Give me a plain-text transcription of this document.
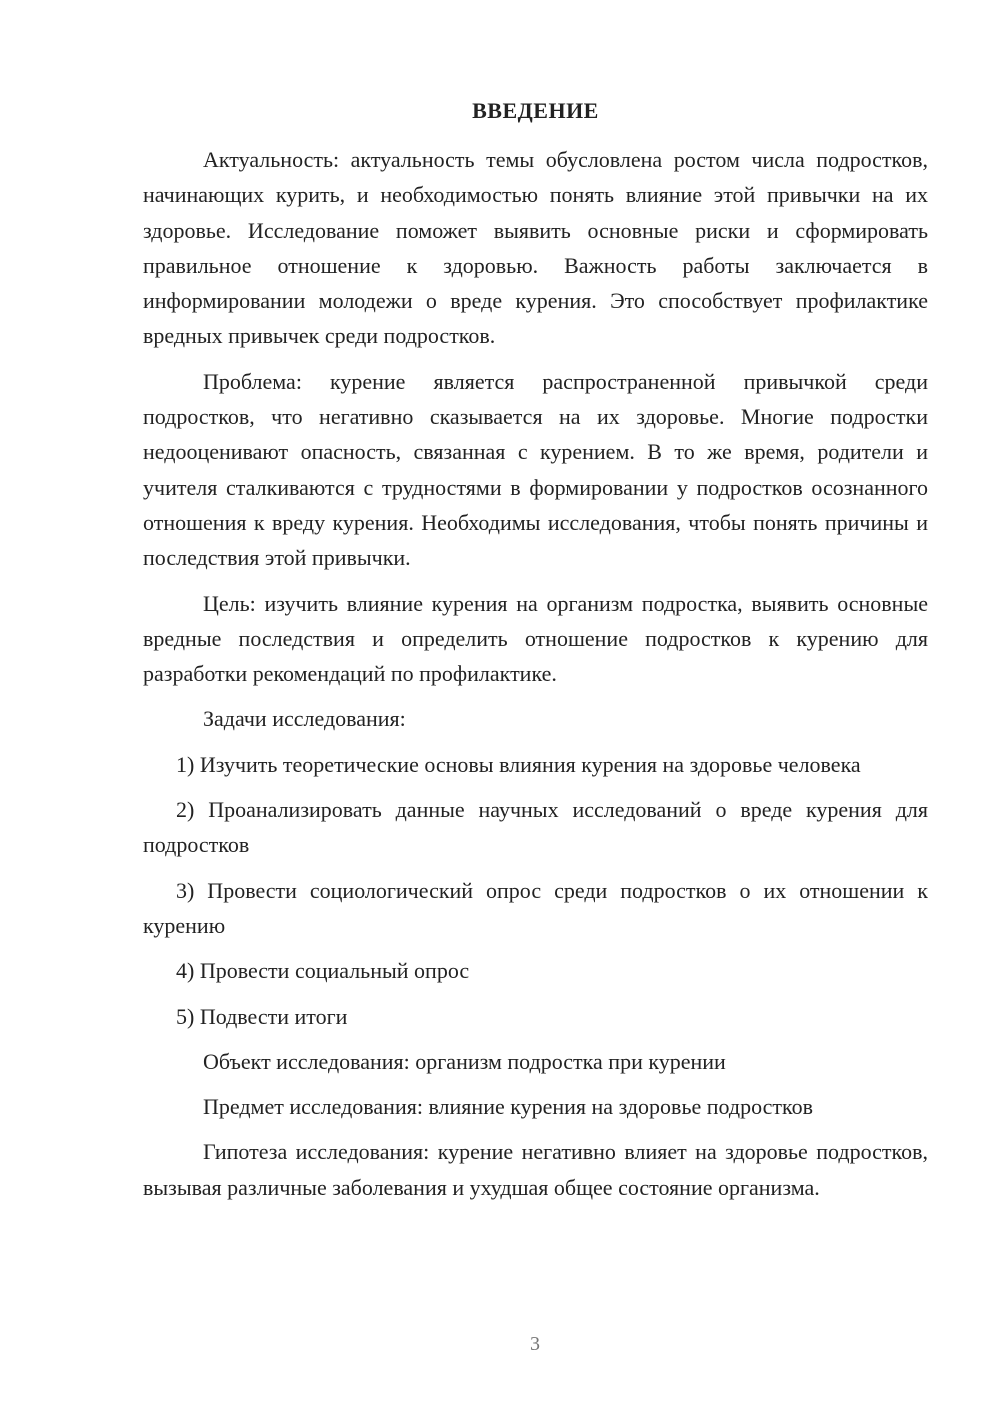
ВВЕДЕНИЕ

Актуальность: актуальность темы обусловлена ростом числа подростков, начинающих курить, и необходимостью понять влияние этой привычки на их здоровье. Исследование поможет выявить основные риски и сформировать правильное отношение к здоровью. Важность работы заключается в информировании молодежи о вреде курения. Это способствует профилактике вредных привычек среди подростков.

Проблема: курение является распространенной привычкой среди подростков, что негативно сказывается на их здоровье. Многие подростки недооценивают опасность, связанная с курением. В то же время, родители и учителя сталкиваются с трудностями в формировании у подростков осознанного отношения к вреду курения. Необходимы исследования, чтобы понять причины и последствия этой привычки.

Цель: изучить влияние курения на организм подростка, выявить основные вредные последствия и определить отношение подростков к курению для разработки рекомендаций по профилактике.

Задачи исследования:

1) Изучить теоретические основы влияния курения на здоровье человека

2) Проанализировать данные научных исследований о вреде курения для подростков

3) Провести социологический опрос среди подростков о их отношении к курению

4) Провести социальный опрос

5) Подвести итоги

Объект исследования: организм подростка при курении

Предмет исследования: влияние курения на здоровье подростков

Гипотеза исследования: курение негативно влияет на здоровье подростков, вызывая различные заболевания и ухудшая общее состояние организма.

3
